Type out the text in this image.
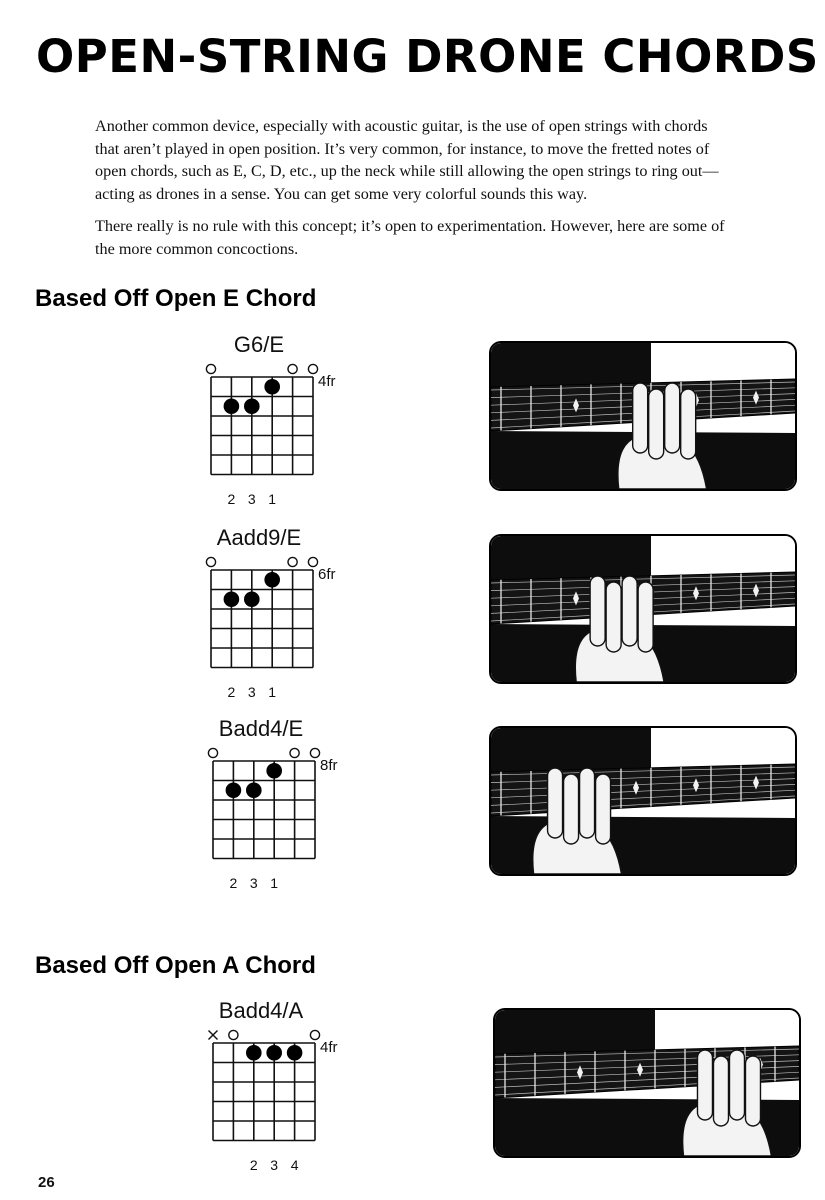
OPEN-STRING DRONE CHORDS

Another common device, especially with acoustic guitar, is the use of open strings with chords that aren’t played in open position. It’s very common, for instance, to move the fretted notes of open chords, such as E, C, D, etc., up the neck while still allowing the open strings to ring out—acting as drones in a sense. You can get some very colorful sounds this way.

There really is no rule with this concept; it’s open to experimentation. However, here are some of the more common concoctions.

Based Off Open E Chord
Based Off Open A Chord
G6/E
4fr
2 3 1
Aadd9/E
6fr
2 3 1
Badd4/E
8fr
2 3 1
Badd4/A
4fr
2 3 4
26
